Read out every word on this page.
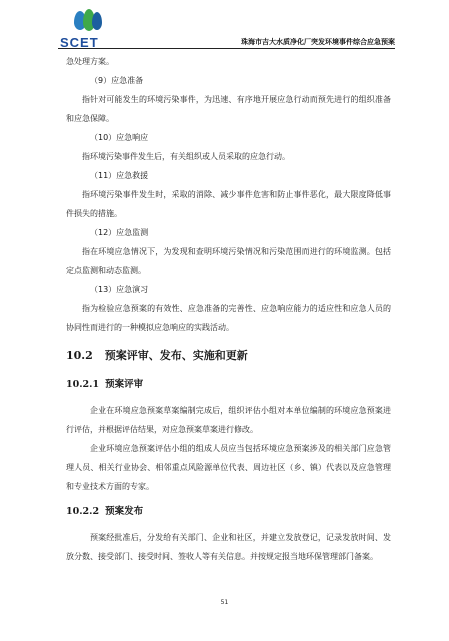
SCET	珠海市吉大水质净化厂突发环境事件综合应急预案

急处理方案。

（9）应急准备

指针对可能发生的环境污染事件，为迅速、有序地开展应急行动而预先进行的组织准备和应急保障。

（10）应急响应

指环境污染事件发生后，有关组织或人员采取的应急行动。

（11）应急救援

指环境污染事件发生时，采取的消除、减少事件危害和防止事件恶化，最大限度降低事件损失的措施。

（12）应急监测

指在环境应急情况下，为发现和查明环境污染情况和污染范围而进行的环境监测。包括定点监测和动态监测。

（13）应急演习

指为检验应急预案的有效性、应急准备的完善性、应急响应能力的适应性和应急人员的协同性而进行的一种模拟应急响应的实践活动。

10.2 预案评审、发布、实施和更新
10.2.1 预案评审

企业在环境应急预案草案编制完成后，组织评估小组对本单位编制的环境应急预案进行评估，并根据评估结果，对应急预案草案进行修改。

企业环境应急预案评估小组的组成人员应当包括环境应急预案涉及的相关部门应急管理人员、相关行业协会、相邻重点风险源单位代表、周边社区（乡、镇）代表以及应急管理和专业技术方面的专家。

10.2.2 预案发布

预案经批准后，分发给有关部门、企业和社区，并建立发放登记，记录发放时间、发放分数、接受部门、接受时间、签收人等有关信息。并按规定报当地环保管理部门备案。

51
